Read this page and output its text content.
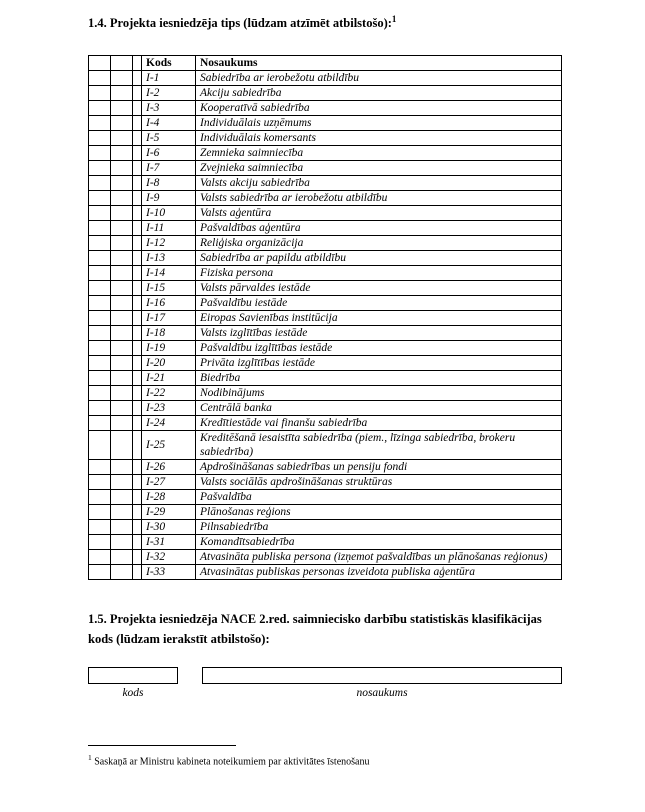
1.4. Projekta iesniedzēja tips (lūdzam atzīmēt atbilstošo):$^1$
			Kods	Nosaukums
			I-1	Sabiedrība ar ierobežotu atbildību
			I-2	Akciju sabiedrība
			I-3	Kooperatīvā sabiedrība
			I-4	Individuālais uzņēmums
			I-5	Individuālais komersants
			I-6	Zemnieka saimniecība
			I-7	Zvejnieka saimniecība
			I-8	Valsts akciju sabiedrība
			I-9	Valsts sabiedrība ar ierobežotu atbildību
			I-10	Valsts aģentūra
			I-11	Pašvaldības aģentūra
			I-12	Reliģiska organizācija
			I-13	Sabiedrība ar papildu atbildību
			I-14	Fiziska persona
			I-15	Valsts pārvaldes iestāde
			I-16	Pašvaldību iestāde
			I-17	Eiropas Savienības institūcija
			I-18	Valsts izglītības iestāde
			I-19	Pašvaldību izglītības iestāde
			I-20	Privāta izglītības iestāde
			I-21	Biedrība
			I-22	Nodibinājums
			I-23	Centrālā banka
			I-24	Kredītiestāde vai finanšu sabiedrība
			I-25	Kreditēšanā iesaistīta sabiedrība (piem., līzinga sabiedrība, brokeru sabiedrība)
			I-26	Apdrošināšanas sabiedrības un pensiju fondi
			I-27	Valsts sociālās apdrošināšanas struktūras
			I-28	Pašvaldība
			I-29	Plānošanas reģions
			I-30	Pilnsabiedrība
			I-31	Komandītsabiedrība
			I-32	Atvasināta publiska persona (izņemot pašvaldības un plānošanas reģionus)
			I-33	Atvasinātas publiskas personas izveidota publiska aģentūra
1.5. Projekta iesniedzēja NACE 2.red. saimniecisko darbību statistiskās klasifikācijas
kods (lūdzam ierakstīt atbilstošo):
kods	nosaukums
$^1$ Saskaņā ar Ministru kabineta noteikumiem par aktivitātes īstenošanu
